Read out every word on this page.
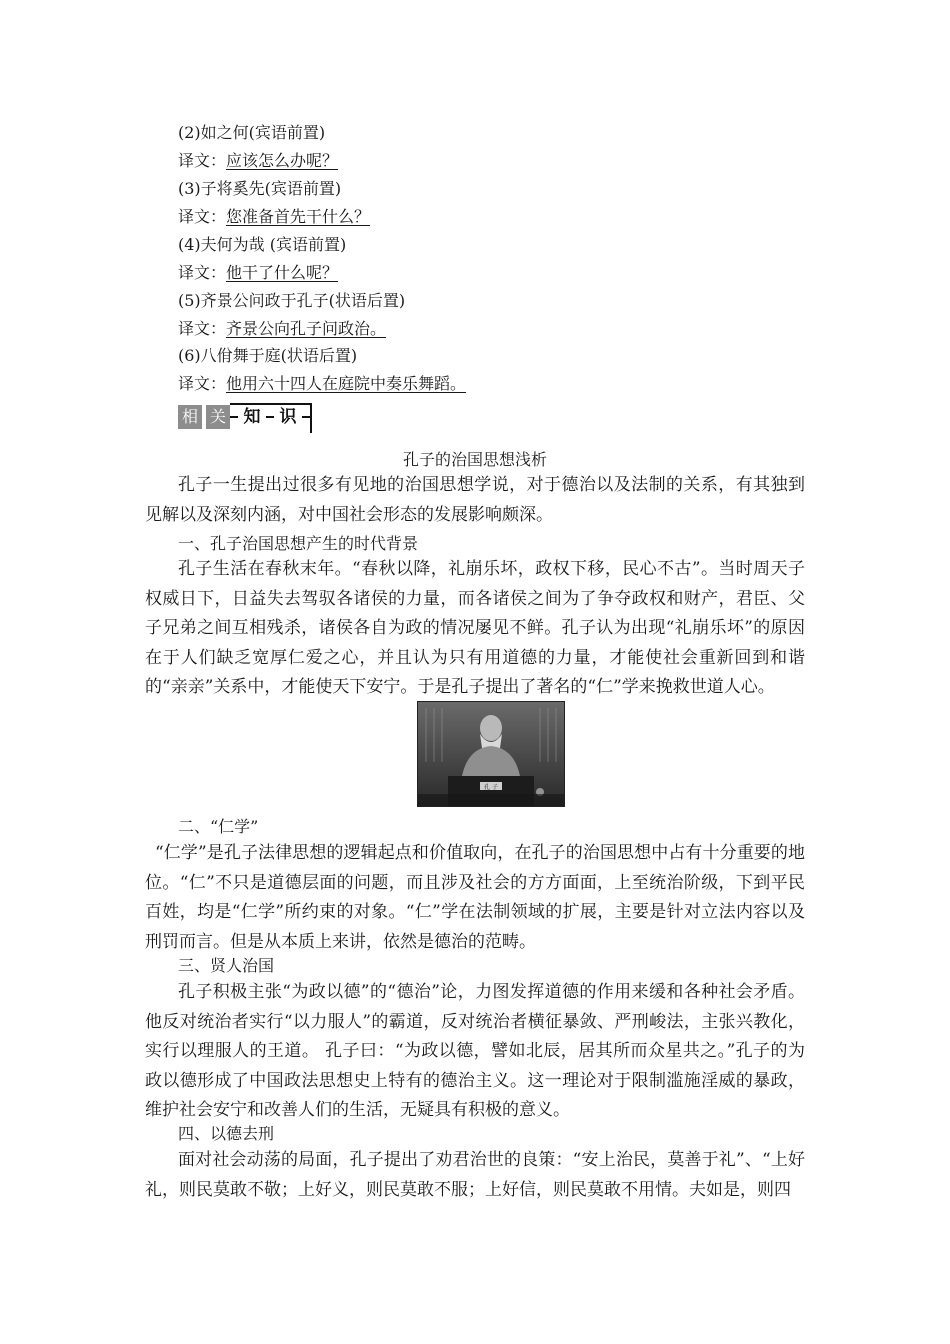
(2)如之何(宾语前置)
译文：应该怎么办呢？
(3)子将奚先(宾语前置)
译文：您准备首先干什么？
(4)夫何为哉 (宾语前置)
译文：他干了什么呢？
(5)齐景公问政于孔子(状语后置)
译文：齐景公向孔子问政治。
(6)八佾舞于庭(状语后置)
译文：他用六十四人在庭院中奏乐舞蹈。
相 关 知 识
孔子的治国思想浅析

孔子一生提出过很多有见地的治国思想学说，对于德治以及法制的关系，有其独到见解以及深刻内涵，对中国社会形态的发展影响颇深。

一、孔子治国思想产生的时代背景

孔子生活在春秋末年。“春秋以降，礼崩乐坏，政权下移，民心不古”。当时周天子权威日下，日益失去驾驭各诸侯的力量，而各诸侯之间为了争夺政权和财产，君臣、父子兄弟之间互相残杀，诸侯各自为政的情况屡见不鲜。孔子认为出现“礼崩乐坏”的原因在于人们缺乏宽厚仁爱之心，并且认为只有用道德的力量，才能使社会重新回到和谐的“亲亲”关系中，才能使天下安宁。于是孔子提出了著名的“仁”学来挽救世道人心。

孔 子
二、“仁学”

“仁学”是孔子法律思想的逻辑起点和价值取向，在孔子的治国思想中占有十分重要的地位。“仁”不只是道德层面的问题，而且涉及社会的方方面面，上至统治阶级，下到平民百姓，均是“仁学”所约束的对象。“仁”学在法制领域的扩展，主要是针对立法内容以及刑罚而言。但是从本质上来讲，依然是德治的范畴。

三、贤人治国

孔子积极主张“为政以德”的“德治”论，力图发挥道德的作用来缓和各种社会矛盾。他反对统治者实行“以力服人”的霸道，反对统治者横征暴敛、严刑峻法，主张兴教化，实行以理服人的王道。 孔子曰：“为政以德，譬如北辰，居其所而众星共之。”孔子的为政以德形成了中国政法思想史上特有的德治主义。这一理论对于限制滥施淫威的暴政，维护社会安宁和改善人们的生活，无疑具有积极的意义。

四、以德去刑

面对社会动荡的局面，孔子提出了劝君治世的良策：“安上治民，莫善于礼”、“上好礼，则民莫敢不敬；上好义，则民莫敢不服；上好信，则民莫敢不用情。夫如是，则四
